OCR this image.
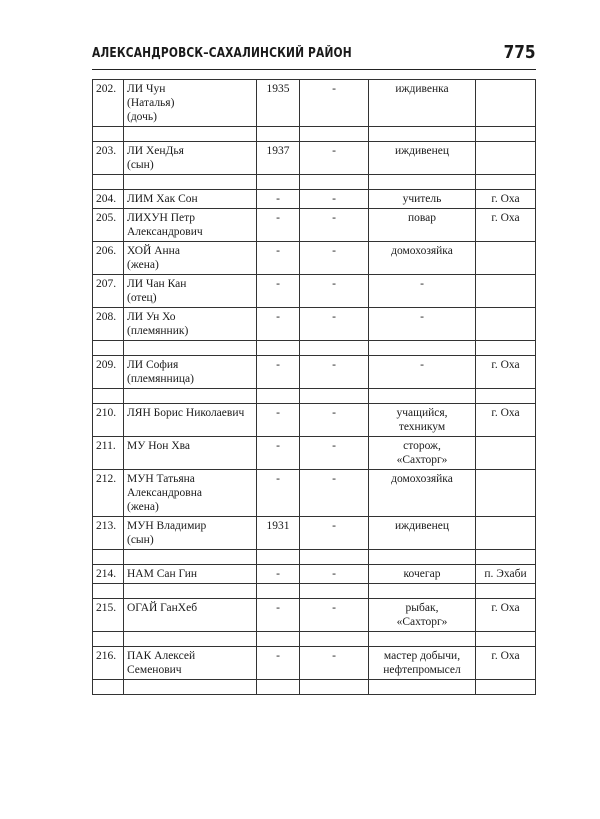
АЛЕКСАНДРОВСК–САХАЛИНСКИЙ РАЙОН	775
202.	ЛИ Чун
(Наталья)
(дочь)	1935	-	иждивенка	

203.	ЛИ ХенДья
(сын)	1937	-	иждивенец	

204.	ЛИМ Хак Сон	-	-	учитель	г. Оха

205.	ЛИХУН Петр
Александрович	-	-	повар	г. Оха

206.	ХОЙ Анна
(жена)	-	-	домохозяйка	

207.	ЛИ Чан Кан
(отец)	-	-	-	

208.	ЛИ Ун Хо
(племянник)	-	-	-	

209.	ЛИ София
(племянница)	-	-	-	г. Оха

210.	ЛЯН Борис Николаевич	-	-	учащийся,
техникум	г. Оха

211.	МУ Нон Хва	-	-	сторож,
«Сахторг»	

212.	МУН Татьяна
Александровна
(жена)	-	-	домохозяйка	

213.	МУН Владимир
(сын)	1931	-	иждивенец	

214.	НАМ Сан Гин	-	-	кочегар	п. Эхаби

215.	ОГАЙ ГанХеб	-	-	рыбак,
«Сахторг»	г. Оха

216.	ПАК Алексей
Семенович	-	-	мастер добычи,
нефтепромысел	г. Оха
